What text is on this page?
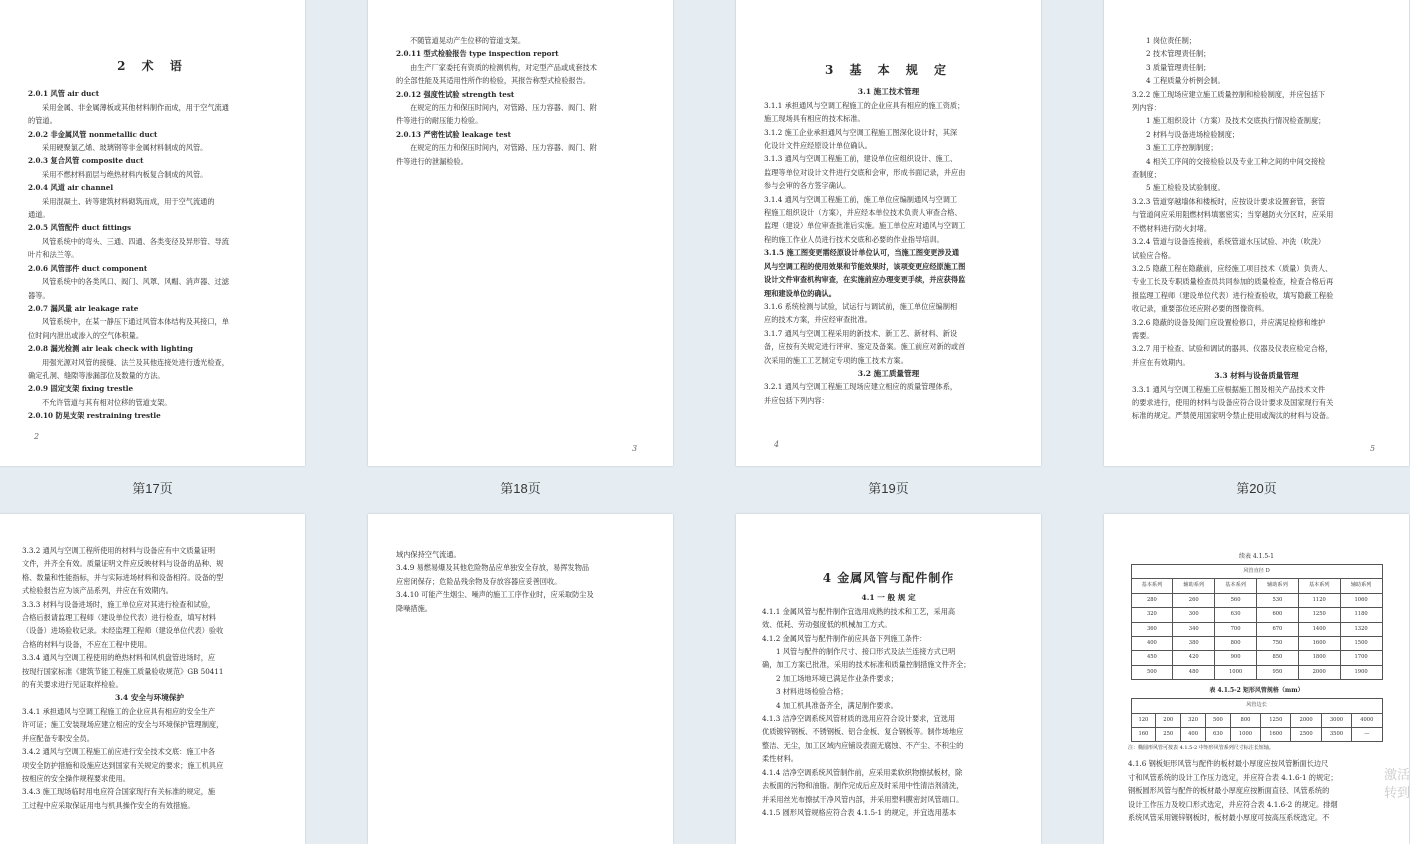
2 术 语
2.0.1 风管 air duct
采用金属、非金属薄板或其他材料制作而成，用于空气流通
的管道。
2.0.2 非金属风管 nonmetallic duct
采用硬聚氯乙烯、玻璃钢等非金属材料制成的风管。
2.0.3 复合风管 composite duct
采用不燃材料面层与绝热材料内板复合制成的风管。
2.0.4 风道 air channel
采用混凝土、砖等建筑材料砌筑而成，用于空气流通的
通道。
2.0.5 风管配件 duct fittings
风管系统中的弯头、三通、四通、各类变径及异形管、导流
叶片和法兰等。
2.0.6 风管部件 duct component
风管系统中的各类风口、阀门、风罩、风帽、消声器、过滤
器等。
2.0.7 漏风量 air leakage rate
风管系统中，在某一静压下通过风管本体结构及其接口，单
位时间内泄出或渗入的空气体积量。
2.0.8 漏光检测 air leak check with lighting
用强光源对风管的接缝、法兰及其他连接处进行透光检查，
确定孔洞、缝隙等渗漏部位及数量的方法。
2.0.9 固定支架 fixing trestle
不允许管道与其有相对位移的管道支架。
2.0.10 防晃支架 restraining trestle
2
第17页
不随管道晃动产生位移的管道支架。
2.0.11 型式检验报告 type inspection report
由生产厂家委托有资质的检测机构，对定型产品或成套技术
的全部性能及其适用性所作的检验，其报告称型式检验报告。
2.0.12 强度性试验 strength test
在规定的压力和保压时间内，对管路、压力容器、阀门、附
件等进行的耐压能力检验。
2.0.13 严密性试验 leakage test
在规定的压力和保压时间内，对管路、压力容器、阀门、附
件等进行的泄漏检验。
3
第18页
3 基 本 规 定
3.1 施工技术管理
3.1.1 承担通风与空调工程施工的企业应具有相应的施工资质；
施工现场具有相应的技术标准。
3.1.2 施工企业承担通风与空调工程施工图深化设计时，其深
化设计文件应经原设计单位确认。
3.1.3 通风与空调工程施工前，建设单位应组织设计、施工、
监理等单位对设计文件进行交底和会审，形成书面记录，并应由
参与会审的各方签字确认。
3.1.4 通风与空调工程施工前，施工单位应编制通风与空调工
程施工组织设计（方案），并应经本单位技术负责人审查合格、
监理（建设）单位审查批准后实施。施工单位应对通风与空调工
程的施工作业人员进行技术交底和必要的作业指导培训。
3.1.5 施工图变更需经原设计单位认可，当施工图变更涉及通
风与空调工程的使用效果和节能效果时，该项变更应经原施工图
设计文件审查机构审查，在实施前应办理变更手续，并应获得监
理和建设单位的确认。
3.1.6 系统检测与试验，试运行与调试前，施工单位应编制相
应的技术方案，并应经审查批准。
3.1.7 通风与空调工程采用的新技术、新工艺、新材料、新设
备，应按有关规定进行评审、鉴定及备案。施工前应对新的或首
次采用的施工工艺制定专项的施工技术方案。
3.2 施工质量管理
3.2.1 通风与空调工程施工现场应建立相应的质量管理体系，
并应包括下列内容：
4
第19页
1 岗位责任制；
2 技术管理责任制；
3 质量管理责任制；
4 工程质量分析例会制。
3.2.2 施工现场应建立施工质量控制和检验制度，并应包括下
列内容：
1 施工组织设计（方案）及技术交底执行情况检查制度；
2 材料与设备进场检验制度；
3 施工工序控制制度；
4 相关工序间的交接检验以及专业工种之间的中间交接检
查制度；
5 施工检验及试验制度。
3.2.3 管道穿越墙体和楼板时，应按设计要求设置套管，套管
与管道间应采用阻燃材料填塞密实；当穿越防火分区时，应采用
不燃材料进行防火封堵。
3.2.4 管道与设备连接前，系统管道水压试验、冲洗（吹洗）
试验应合格。
3.2.5 隐蔽工程在隐蔽前，应经施工项目技术（质量）负责人、
专业工长及专职质量检查员共同参加的质量检查，检查合格后再
报监理工程师（建设单位代表）进行检查验收，填写隐蔽工程验
收记录，重要部位还应附必要的图像资料。
3.2.6 隐蔽的设备及阀门应设置检修口，并应满足检修和维护
需要。
3.2.7 用于检查、试验和调试的器具、仪器及仪表应检定合格，
并应在有效期内。
3.3 材料与设备质量管理
3.3.1 通风与空调工程施工应根据施工图及相关产品技术文件
的要求进行，使用的材料与设备应符合设计要求及国家现行有关
标准的规定。严禁使用国家明令禁止使用或淘汰的材料与设备。
5
第20页
3.3.2 通风与空调工程所使用的材料与设备应有中文质量证明
文件，并齐全有效。质量证明文件应反映材料与设备的品种、规
格、数量和性能指标，并与实际进场材料和设备相符。设备的型
式检验报告应为该产品系列，并应在有效期内。
3.3.3 材料与设备进场时，施工单位应对其进行检查和试验，
合格后报请监理工程师（建设单位代表）进行检查，填写材料
（设备）进场验收记录。未经监理工程师（建设单位代表）验收
合格的材料与设备，不应在工程中使用。
3.3.4 通风与空调工程使用的绝热材料和风机盘管进场时，应
按现行国家标准《建筑节能工程施工质量验收规范》GB 50411
的有关要求进行见证取样检验。
3.4 安全与环境保护
3.4.1 承担通风与空调工程施工的企业应具有相应的安全生产
许可证；施工安装现场应建立相应的安全与环境保护管理制度，
并应配备专职安全员。
3.4.2 通风与空调工程施工前应进行安全技术交底：施工中各
项安全防护措施和设施应达到国家有关规定的要求；施工机具应
按相应的安全操作规程要求使用。
3.4.3 施工现场临时用电应符合国家现行有关标准的规定，施
工过程中应采取保证用电与机具操作安全的有效措施。
域内保持空气流通。
3.4.9 易燃易爆及其他危险物品应单独安全存放，易挥发物品
应密闭保存；危险品残余物及存放容器应妥善回收。
3.4.10 可能产生烟尘、噪声的施工工序作业时，应采取防尘及
降噪措施。
4 金属风管与配件制作
4.1 一 般 规 定
4.1.1 金属风管与配件制作宜选用成熟的技术和工艺，采用高
效、低耗、劳动强度低的机械加工方式。
4.1.2 金属风管与配件制作前应具备下列施工条件：
1 风管与配件的制作尺寸、接口形式及法兰连接方式已明
确，加工方案已批准，采用的技术标准和质量控制措施文件齐全；
2 加工场地环境已满足作业条件要求；
3 材料进场检验合格；
4 加工机具准备齐全，满足制作要求。
4.1.3 洁净空调系统风管材质的选用应符合设计要求，宜选用
优质镀锌钢板、不锈钢板、铝合金板、复合钢板等。制作场地应
整洁、无尘，加工区域内应铺设表面无腐蚀、不产尘、不积尘的
柔性材料。
4.1.4 洁净空调系统风管制作前，应采用柔软织物擦拭板材，除
去板面的污物和油脂。制作完成后应及时采用中性清洁剂清洗，
并采用丝光布擦拭干净风管内部，并采用塑料膜密封风管端口。
4.1.5 圆形风管规格应符合表 4.1.5-1 的规定，并宜选用基本
续表 4.1.5-1
风管直径 D					
基本系列	辅助系列	基本系列	辅助系列	基本系列	辅助系列
280	260	560	530	1120	1060
320	300	630	600	1250	1180
360	340	700	670	1400	1320
400	380	800	750	1600	1500
450	420	900	850	1800	1700
500	480	1000	950	2000	1900
表 4.1.5-2 矩形风管规格（mm）
风管边长								
120	200	320	500	800	1250	2000	3000	4000
160	250	400	630	1000	1600	2500	3500	—
注：椭圆形风管可按表 4.1.5-2 中矩形风管系列尺寸标注长短轴。
4.1.6 钢板矩形风管与配件的板材最小厚度应按风管断面长边尺
寸和风管系统的设计工作压力选定，并应符合表 4.1.6-1 的规定；
钢板圆形风管与配件的板材最小厚度应按断面直径、风管系统的
设计工作压力及咬口形式选定，并应符合表 4.1.6-2 的规定。排烟
系统风管采用镀锌钢板时，板材最小厚度可按高压系统选定。不
激活
转到
